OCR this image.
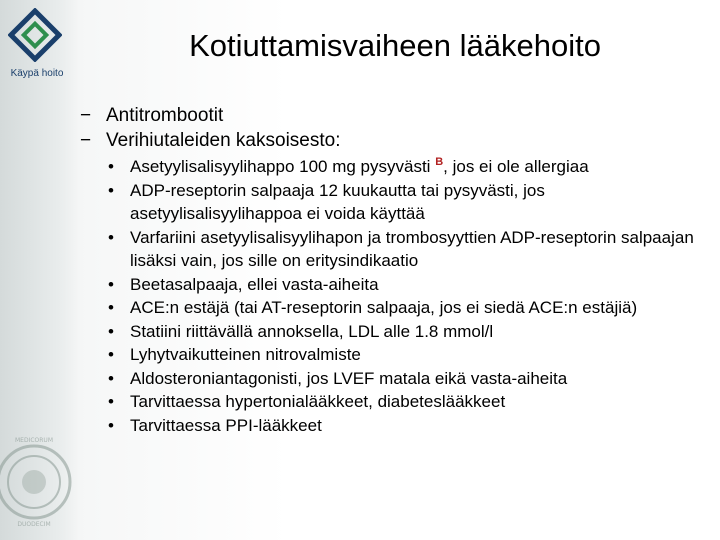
Käypä hoito
MEDICORUM
DUODECIM
Kotiuttamisvaiheen lääkehoito
− Antitrombootit
− Verihiutaleiden kaksoisesto:
• Asetyylisalisyylihappo 100 mg pysyvästi $^B$, jos ei ole allergiaa
• ADP-reseptorin salpaaja 12 kuukautta tai pysyvästi, jos asetyylisalisyylihappoa ei voida käyttää
• Varfariini asetyylisalisyylihapon ja trombosyyttien ADP-reseptorin salpaajan lisäksi vain, jos sille on eritysindikaatio
• Beetasalpaaja, ellei vasta-aiheita
• ACE:n estäjä (tai AT-reseptorin salpaaja, jos ei siedä ACE:n estäjiä)
• Statiini riittävällä annoksella, LDL alle 1.8 mmol/l
• Lyhytvaikutteinen nitrovalmiste
• Aldosteroniantagonisti, jos LVEF matala eikä vasta-aiheita
• Tarvittaessa hypertonialääkkeet, diabeteslääkkeet
• Tarvittaessa PPI-lääkkeet
